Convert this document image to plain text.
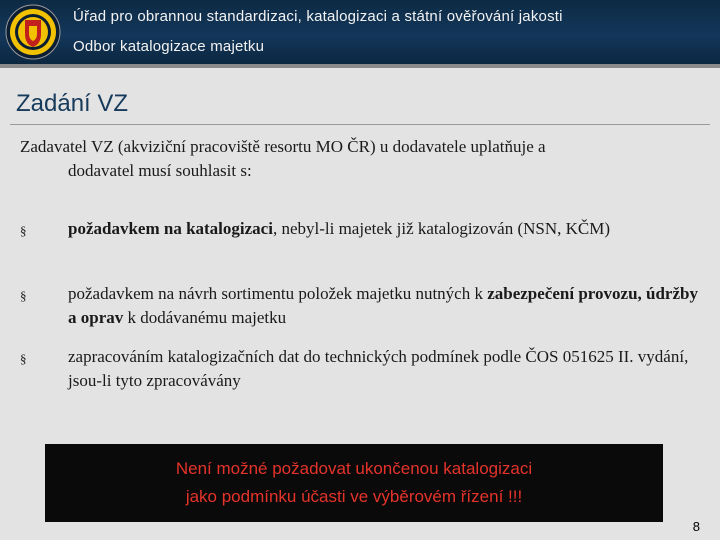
Úřad pro obrannou standardizaci, katalogizaci a státní ověřování jakosti
Odbor katalogizace majetku
Zadání VZ
Zadavatel VZ (akviziční pracoviště resortu MO ČR) u dodavatele uplatňuje a
dodavatel musí souhlasit s:
§ požadavkem na katalogizaci, nebyl-li majetek již katalogizován (NSN, KČM)
§ požadavkem na návrh sortimentu položek majetku nutných k zabezpečení provozu, údržby a oprav k dodávanému majetku
§ zapracováním katalogizačních dat do technických podmínek podle ČOS 051625 II. vydání, jsou-li tyto zpracovávány
Není možné požadovat ukončenou katalogizaci
jako podmínku účasti ve výběrovém řízení !!!
8
